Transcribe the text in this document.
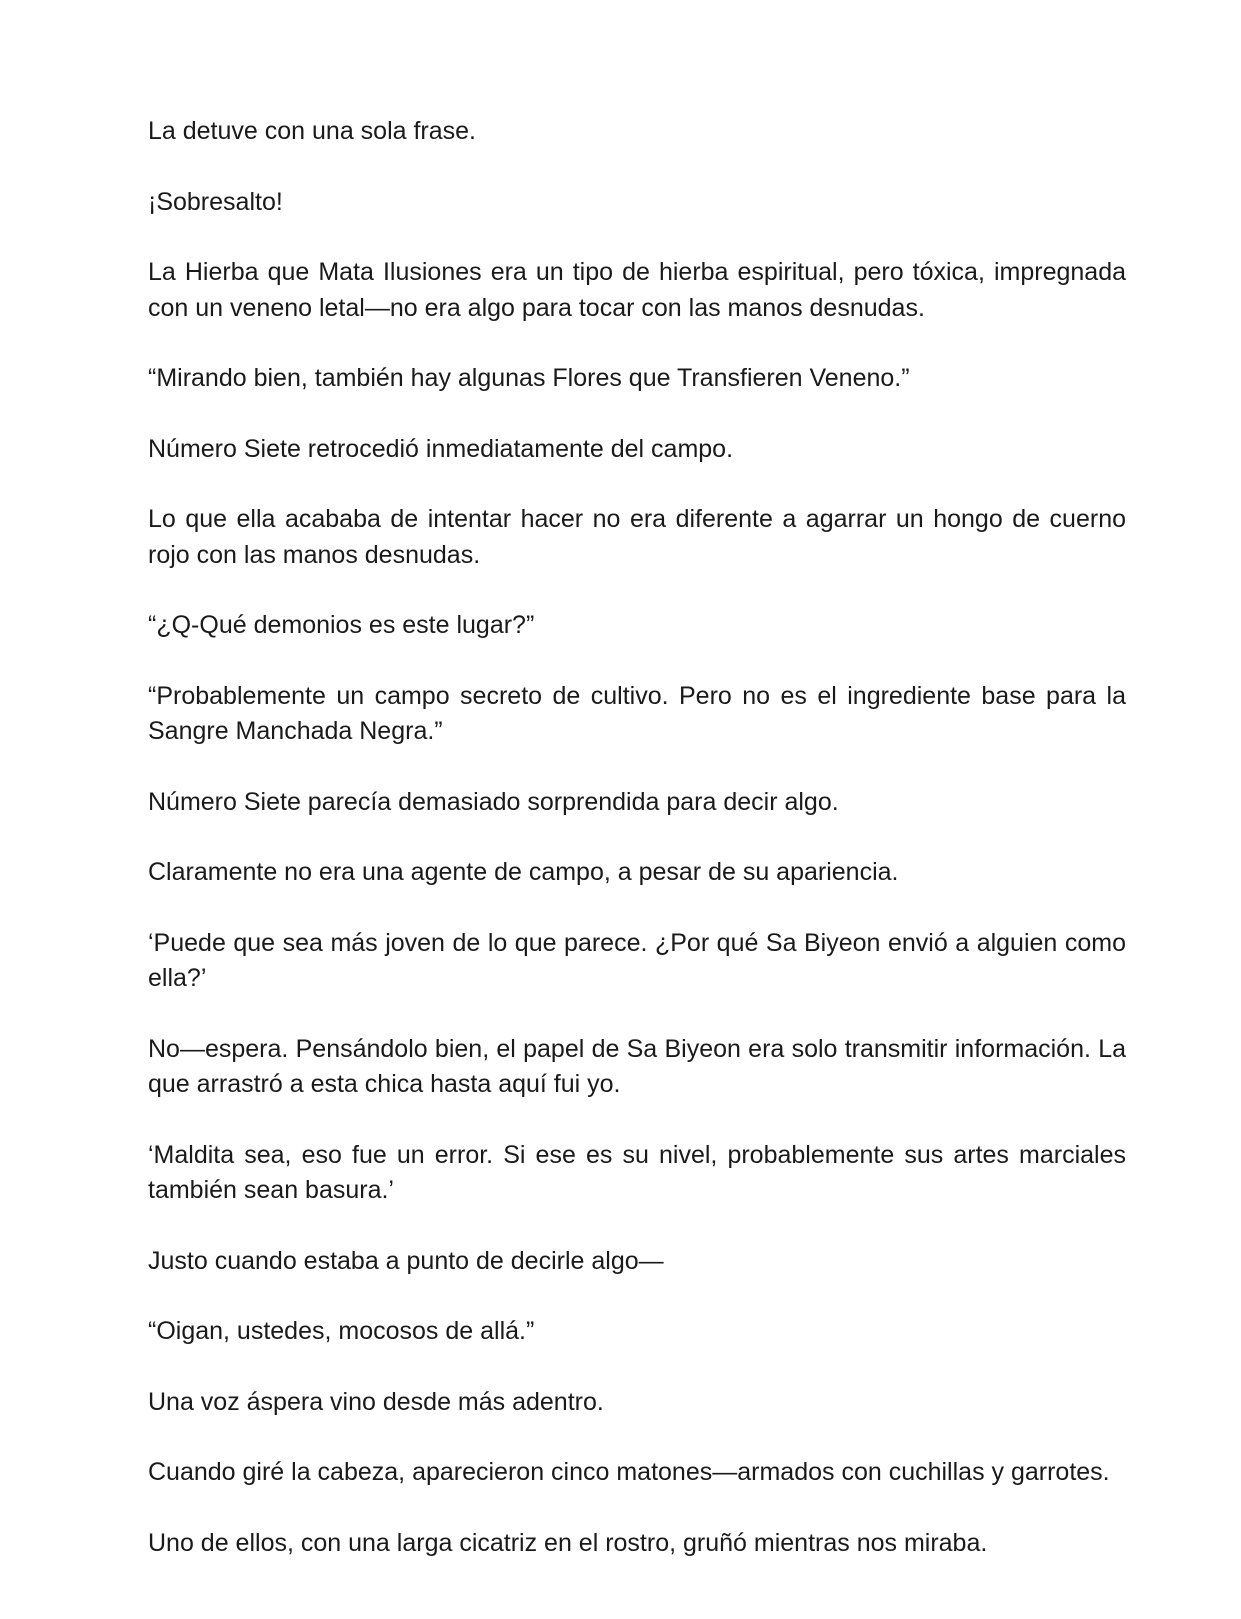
La detuve con una sola frase.

¡Sobresalto!

La Hierba que Mata Ilusiones era un tipo de hierba espiritual, pero tóxica, impregnada con un veneno letal—no era algo para tocar con las manos desnudas.

“Mirando bien, también hay algunas Flores que Transfieren Veneno.”

Número Siete retrocedió inmediatamente del campo.

Lo que ella acababa de intentar hacer no era diferente a agarrar un hongo de cuerno rojo con las manos desnudas.

“¿Q-Qué demonios es este lugar?”

“Probablemente un campo secreto de cultivo. Pero no es el ingrediente base para la Sangre Manchada Negra.”

Número Siete parecía demasiado sorprendida para decir algo.

Claramente no era una agente de campo, a pesar de su apariencia.

‘Puede que sea más joven de lo que parece. ¿Por qué Sa Biyeon envió a alguien como ella?’

No—espera. Pensándolo bien, el papel de Sa Biyeon era solo transmitir información. La que arrastró a esta chica hasta aquí fui yo.

‘Maldita sea, eso fue un error. Si ese es su nivel, probablemente sus artes marciales también sean basura.’

Justo cuando estaba a punto de decirle algo—

“Oigan, ustedes, mocosos de allá.”

Una voz áspera vino desde más adentro.

Cuando giré la cabeza, aparecieron cinco matones—armados con cuchillas y garrotes.

Uno de ellos, con una larga cicatriz en el rostro, gruñó mientras nos miraba.
